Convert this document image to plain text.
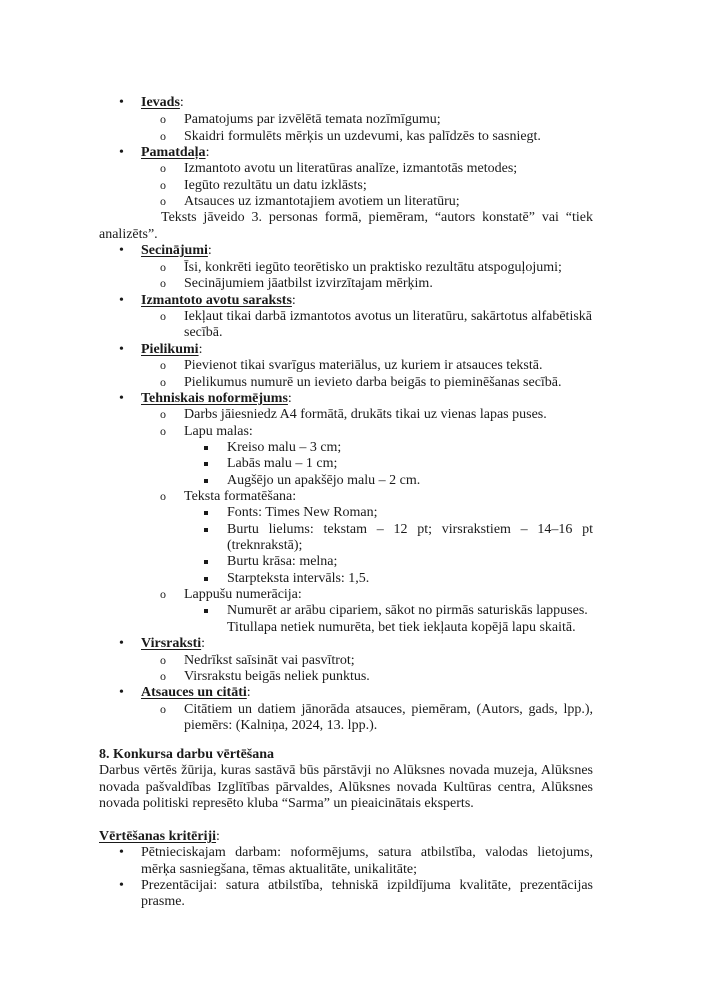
• Ievads:
o Pamatojums par izvēlētā temata nozīmīgumu;
o Skaidri formulēts mērķis un uzdevumi, kas palīdzēs to sasniegt.
• Pamatdaļa:
o Izmantoto avotu un literatūras analīze, izmantotās metodes;
o Iegūto rezultātu un datu izklāsts;
o Atsauces uz izmantotajiem avotiem un literatūru;
Teksts jāveido 3. personas formā, piemēram, “autors konstatē” vai “tiek
analizēts”.
• Secinājumi:
o Īsi, konkrēti iegūto teorētisko un praktisko rezultātu atspoguļojumi;
o Secinājumiem jāatbilst izvirzītajam mērķim.
• Izmantoto avotu saraksts:
o Iekļaut tikai darbā izmantotos avotus un literatūru, sakārtotus alfabētiskā
secībā.
• Pielikumi:
o Pievienot tikai svarīgus materiālus, uz kuriem ir atsauces tekstā.
o Pielikumus numurē un ievieto darba beigās to pieminēšanas secībā.
• Tehniskais noformējums:
o Darbs jāiesniedz A4 formātā, drukāts tikai uz vienas lapas puses.
o Lapu malas:
Kreiso malu – 3 cm;
Labās malu – 1 cm;
Augšējo un apakšējo malu – 2 cm.
o Teksta formatēšana:
Fonts: Times New Roman;
Burtu lielums: tekstam – 12 pt; virsrakstiem – 14–16 pt
(treknrakstā);
Burtu krāsa: melna;
Starpteksta intervāls: 1,5.
o Lappušu numerācija:
Numurēt ar arābu cipariem, sākot no pirmās saturiskās lappuses.
Titullapa netiek numurēta, bet tiek iekļauta kopējā lapu skaitā.
• Virsraksti:
o Nedrīkst saīsināt vai pasvītrot;
o Virsrakstu beigās neliek punktus.
• Atsauces un citāti:
o Citātiem un datiem jānorāda atsauces, piemēram, (Autors, gads, lpp.),
piemērs: (Kalniņa, 2024, 13. lpp.).
8. Konkursa darbu vērtēšana
Darbus vērtēs žūrija, kuras sastāvā būs pārstāvji no Alūksnes novada muzeja, Alūksnes
novada pašvaldības Izglītības pārvaldes, Alūksnes novada Kultūras centra, Alūksnes
novada politiski represēto kluba “Sarma” un pieaicinātais eksperts.
Vērtēšanas kritēriji:
• Pētnieciskajam darbam: noformējums, satura atbilstība, valodas lietojums,
mērķa sasniegšana, tēmas aktualitāte, unikalitāte;
• Prezentācijai: satura atbilstība, tehniskā izpildījuma kvalitāte, prezentācijas
prasme.
